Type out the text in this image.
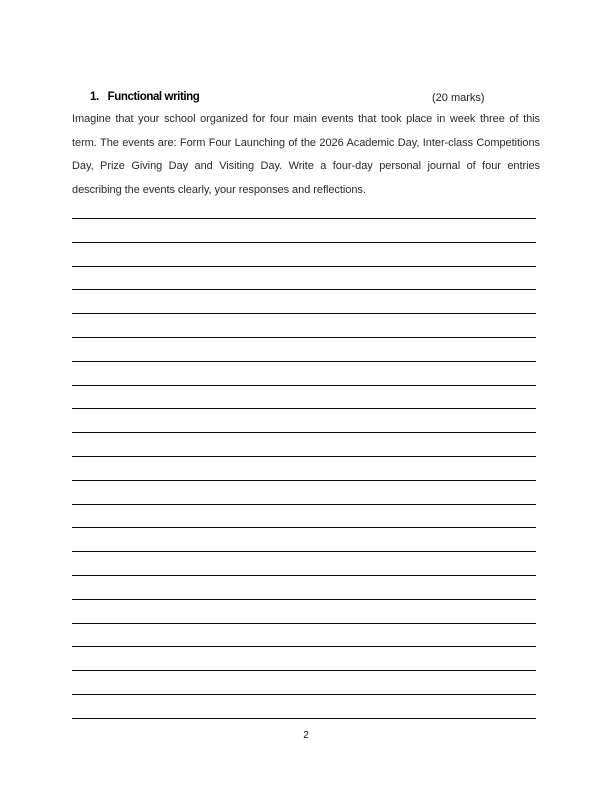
1. Functional writing	(20 marks)
Imagine that your school organized for four main events that took place in week three of this term. The events are: Form Four Launching of the 2026 Academic Day, Inter-class Competitions Day, Prize Giving Day and Visiting Day. Write a four-day personal journal of four entries describing the events clearly, your responses and reflections.
2
